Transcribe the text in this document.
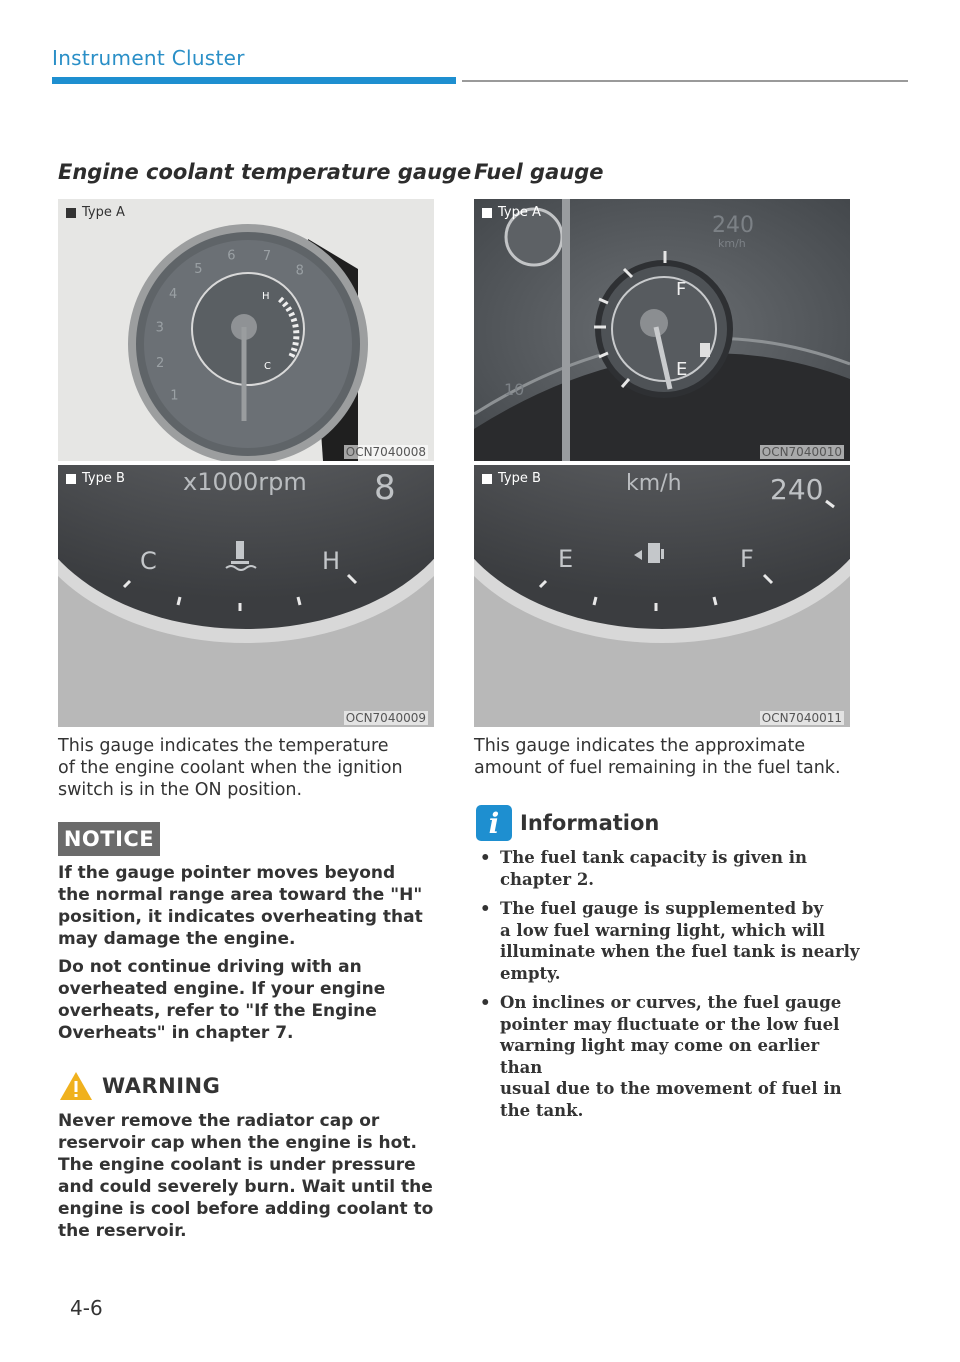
Instrument Cluster
Engine coolant temperature gauge
8
7
6
5
4
3
2
1
H
C
Type A
OCN7040008
x1000rpm 8
C	H
Type B
OCN7040009
This gauge indicates the temperature
of the engine coolant when the ignition
switch is in the ON position.
NOTICE
If the gauge pointer moves beyond
the normal range area toward the "H"
position, it indicates overheating that
may damage the engine.
Do not continue driving with an
overheated engine. If your engine
overheats, refer to "If the Engine
Overheats" in chapter 7.
WARNING
Never remove the radiator cap or
reservoir cap when the engine is hot.
The engine coolant is under pressure
and could severely burn. Wait until the
engine is cool before adding coolant to
the reservoir.
Fuel gauge
240
km/h
10
F
E
Type A
OCN7040010
km/h	240
E	F
Type B
OCN7040011
This gauge indicates the approximate
amount of fuel remaining in the fuel tank.
i Information
• The fuel tank capacity is given in
chapter 2.
• The fuel gauge is supplemented by
a low fuel warning light, which will
illuminate when the fuel tank is nearly
empty.
• On inclines or curves, the fuel gauge
pointer may fluctuate or the low fuel
warning light may come on earlier than
usual due to the movement of fuel in
the tank.
4-6
